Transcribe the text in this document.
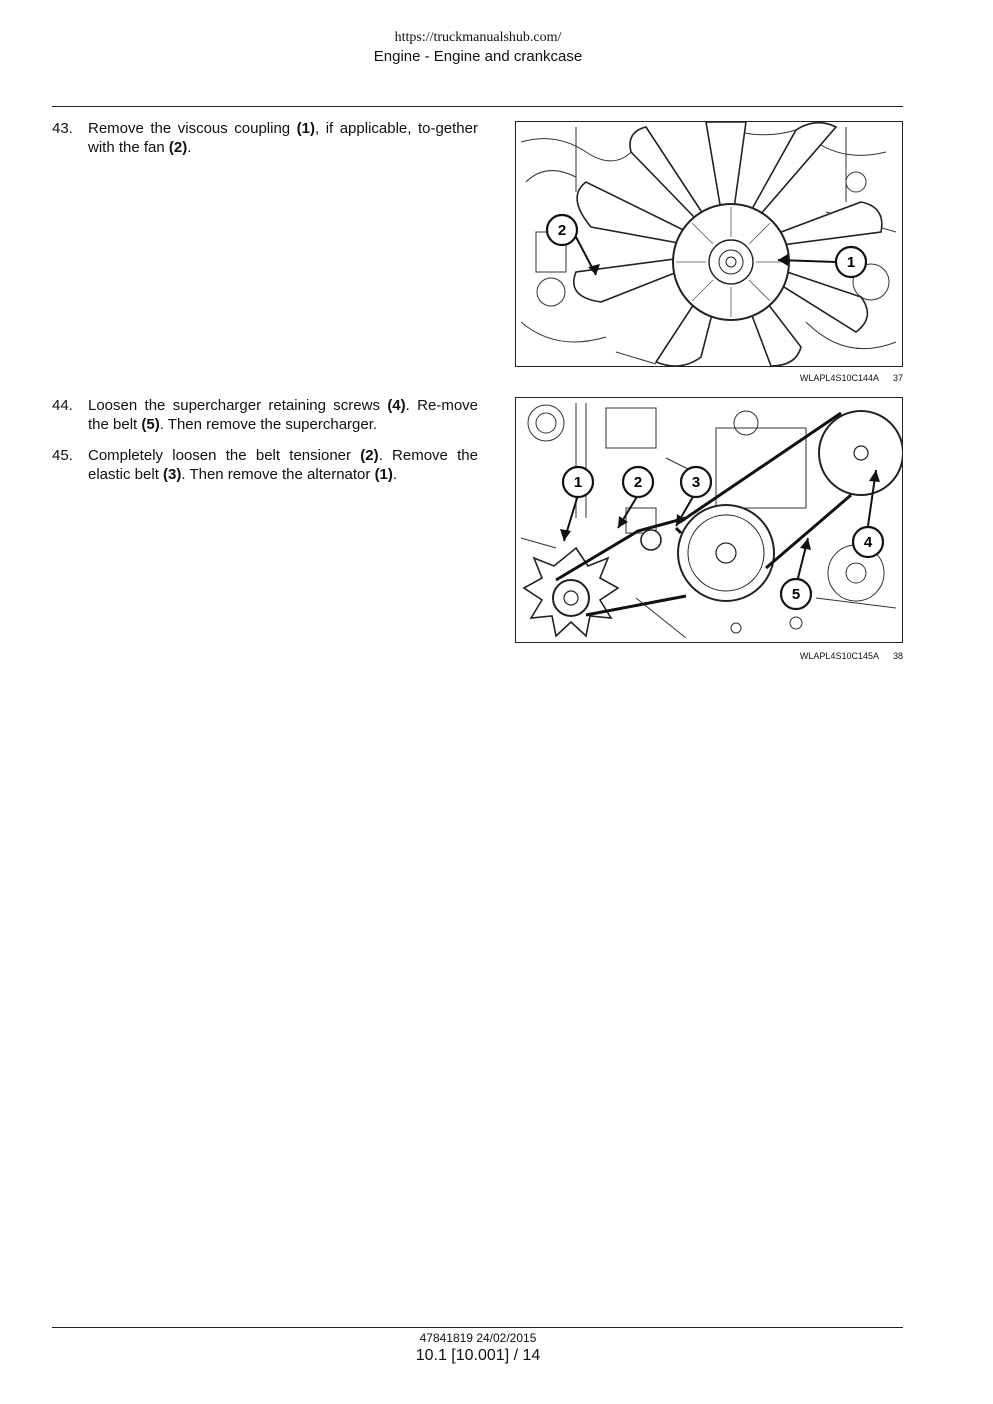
https://truckmanualshub.com/
Engine - Engine and crankcase
43.	Remove the viscous coupling (1), if applicable, to-gether with the fan (2).
2
1
WLAPL4S10C144A 37
44.	Loosen the supercharger retaining screws (4). Re-move the belt (5). Then remove the supercharger.
45.	Completely loosen the belt tensioner (2). Remove the elastic belt (3). Then remove the alternator (1).	1	2	3
4
5
WLAPL4S10C145A 38
47841819 24/02/2015
10.1 [10.001] / 14
